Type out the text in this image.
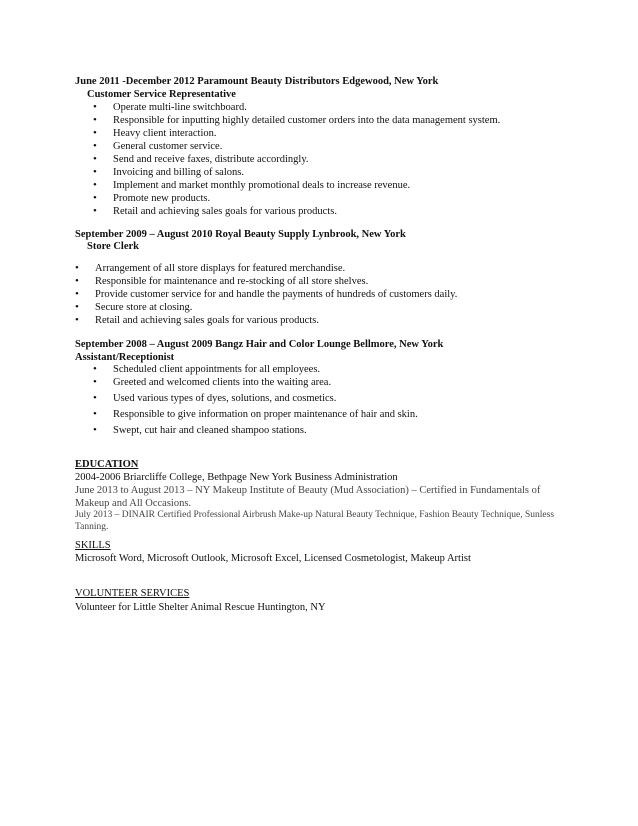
June 2011 -December 2012 Paramount Beauty Distributors Edgewood, New York
Customer Service Representative
• Operate multi-line switchboard.
• Responsible for inputting highly detailed customer orders into the data management system.
• Heavy client interaction.
• General customer service.
• Send and receive faxes, distribute accordingly.
• Invoicing and billing of salons.
• Implement and market monthly promotional deals to increase revenue.
• Promote new products.
• Retail and achieving sales goals for various products.
September 2009 – August 2010 Royal Beauty Supply Lynbrook, New York
Store Clerk
• Arrangement of all store displays for featured merchandise.
• Responsible for maintenance and re-stocking of all store shelves.
• Provide customer service for and handle the payments of hundreds of customers daily.
• Secure store at closing.
• Retail and achieving sales goals for various products.
September 2008 – August 2009 Bangz Hair and Color Lounge Bellmore, New York
Assistant/Receptionist
• Scheduled client appointments for all employees.
• Greeted and welcomed clients into the waiting area.
• Used various types of dyes, solutions, and cosmetics.
• Responsible to give information on proper maintenance of hair and skin.
• Swept, cut hair and cleaned shampoo stations.
EDUCATION
2004-2006 Briarcliffe College, Bethpage New York Business Administration
June 2013 to August 2013 – NY Makeup Institute of Beauty (Mud Association) – Certified in Fundamentals of
Makeup and All Occasions.
July 2013 – DINAIR Certified Professional Airbrush Make-up Natural Beauty Technique, Fashion Beauty Technique, Sunless
Tanning.
SKILLS
Microsoft Word, Microsoft Outlook, Microsoft Excel, Licensed Cosmetologist, Makeup Artist
VOLUNTEER SERVICES
Volunteer for Little Shelter Animal Rescue Huntington, NY
